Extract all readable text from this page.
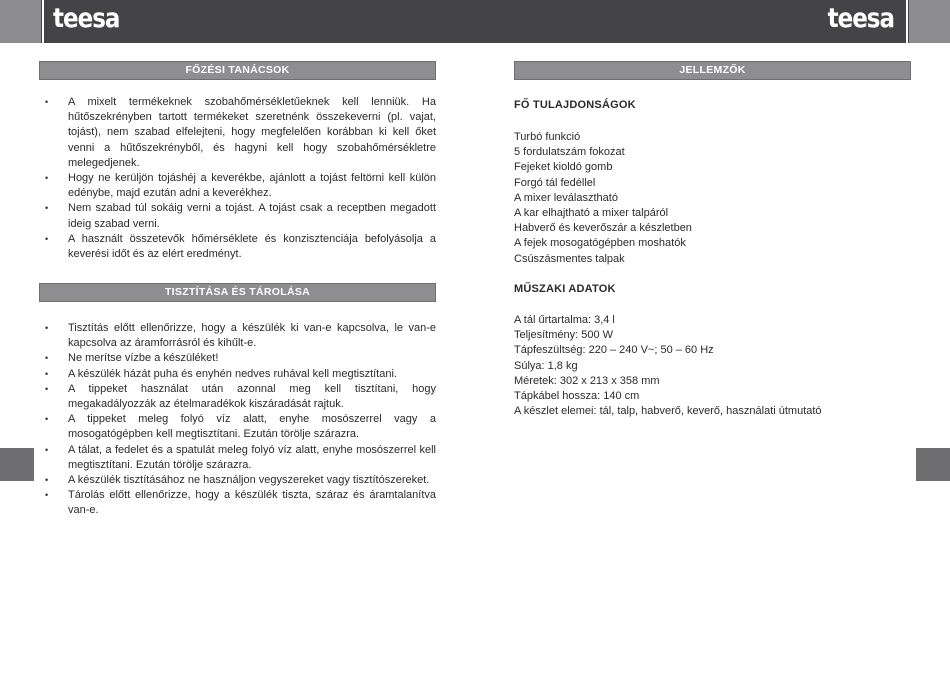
teesa	teesa
FŐZÉSI TANÁCSOK
• A mixelt termékeknek szobahőmérsékletűeknek kell lenniük. Ha hűtőszekrényben tartott termékeket szeretnénk összekeverni (pl. vajat, tojást), nem szabad elfelejteni, hogy megfelelően korábban ki kell őket venni a hűtőszekrényből, és hagyni kell hogy szobahőmérsékletre melegedjenek.
• Hogy ne kerüljön tojáshéj a keverékbe, ajánlott a tojást feltörni kell külön edénybe, majd ezután adni a keverékhez.
• Nem szabad túl sokáig verni a tojást. A tojást csak a receptben megadott ideig szabad verni.
• A használt összetevők hőmérséklete és konzisztenciája befolyásolja a keverési időt és az elért eredményt.
TISZTÍTÁSA ÉS TÁROLÁSA
• Tisztítás előtt ellenőrizze, hogy a készülék ki van-e kapcsolva, le van-e kapcsolva az áramforrásról és kihűlt-e.
• Ne merítse vízbe a készüléket!
• A készülék házát puha és enyhén nedves ruhával kell megtisztítani.
• A tippeket használat után azonnal meg kell tisztítani, hogy megakadályozzák az ételmaradékok kiszáradását rajtuk.
• A tippeket meleg folyó víz alatt, enyhe mosószerrel vagy a mosogatógépben kell megtisztítani. Ezután törölje szárazra.
• A tálat, a fedelet és a spatulát meleg folyó víz alatt, enyhe mosószerrel kell megtisztítani. Ezután törölje szárazra.
• A készülék tisztításához ne használjon vegyszereket vagy tisztítószereket.
• Tárolás előtt ellenőrizze, hogy a készülék tiszta, száraz és áramtalanítva van-e.
JELLEMZŐK
FŐ TULAJDONSÁGOK
Turbó funkció
5 fordulatszám fokozat
Fejeket kioldó gomb
Forgó tál fedéllel
A mixer leválasztható
A kar elhajtható a mixer talpáról
Habverő és keverőszár a készletben
A fejek mosogatógépben moshatók
Csúszásmentes talpak
MŰSZAKI ADATOK
A tál űrtartalma: 3,4 l
Teljesítmény: 500 W
Tápfeszültség: 220 – 240 V~; 50 – 60 Hz
Súlya: 1,8 kg
Méretek: 302 x 213 x 358 mm
Tápkábel hossza: 140 cm
A készlet elemei: tál, talp, habverő, keverő, használati útmutató
